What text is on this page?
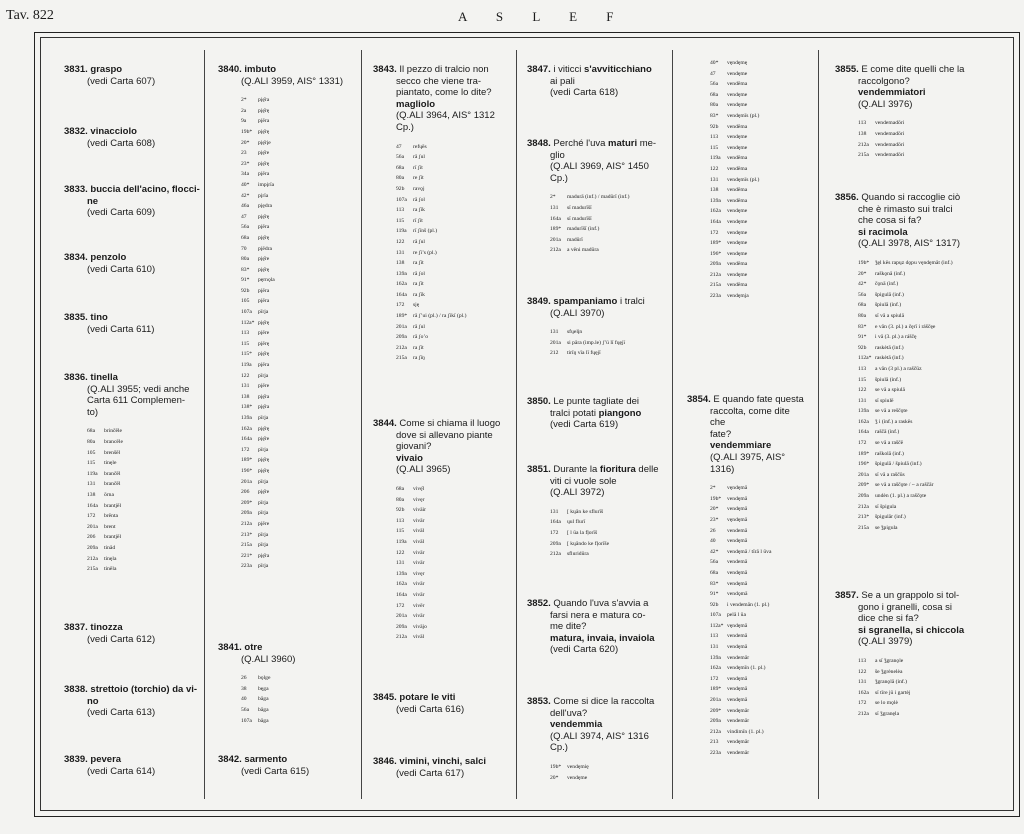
Tav. 822	A S L E F
3831. graspo
(vedi Carta 607)
3832. vinacciolo
(vedi Carta 608)
3833. buccia dell'acino, flocci-
ne
(vedi Carta 609)
3834. penzolo
(vedi Carta 610)
3835. tino
(vedi Carta 611)
3836. tinella
(Q.ALI 3955; vedi anche
Carta 611 Complemen-
to)
68a	brinčēle
80a	brancēle
105	brenšēl
115	tinęle
119a	brančēl
131	brančēl
138	ōrna
164a	brantjēl
172	brēnta
201a	brent
206	brantjēl
209a	tinād
212a	tinęla
215a	tinēla
3837. tinozza
(vedi Carta 612)
3838. strettoio (torchio) da vi-
no
(vedi Carta 613)
3839. pevera
(vedi Carta 614)
3840. imbuto
(Q.ALI 3959, AIS° 1331)
2*	pįę̄ra
2a	pįę̄rę
9a	pįēra
19b*	pįę̄rę
20*	pįę̄rįe
23	pįę̄re
23*	pįę̄rę
34a	pįēra
40*	impįrïa
42*	pįrïa
46a	pįędra
47	pįę̄rę
56a	pįēra
68a	pįę̄rę
70	pįēdra
80a	pįę̄re
83*	pįę̄rę
91*	pęrnǫla
92b	pįēra
105	pįēra
107a	pīrja
112a* pįę̄rę
113	pįēre
115	pįērę
115*	pįę̄rę
119a	pįēra
122	pīrja
131	pįēre
138	pįę̄ra
138*	pįę̄ra
139a	pīrja
162a	pįę̄rę
164a	pįę̄re
172	pīrja
189*	pįę̄rę
196*	pįę̄rę
201a	pīrja
206	pįę̄re
209*	pīrja
209a	pīrja
212a	pįēre
213*	pīrja
215a	pīrja
221*	pįę̄ra
223a	pīrja
3841. otre
(Q.ALI 3960)
26	bǫlge
38	bęga
40	bāga
56a	bāga
107a	bāga
3842. sarmento
(vedi Carta 615)
3843. Il pezzo di tralcio non
secco che viene tra-
piantato, come lo dite?
magliolo
(Q.ALI 3964, AIS° 1312
Cp.)
47	refųēs
56a	rā ʃul
68a	rī ʃīt
80a	re ʃīt
92b	ravǫj
107a	rā ʃol
113	ra ʃīk
115	rī ʃīt
119a	rī ʃīnš (pl.)
122	rā ʃul
131	re ʃï’s (pl.)
138	ra ʃīt
139a	rā ʃol
162a	ra ʃīt
164a	ra ʃīk
172	sję
189*	rā ʃ’ui (pl.) / ra ʃïkï (pl.)
201a	rā ʃul
209a	rā ʃo’o
212a	ra ʃīt
215a	ra ʃīŋ
3844. Come si chiama il luogo
dove si allevano piante
giovani?
vivaio
(Q.ALI 3965)
68a	vivę̄l
80a	vivęr
92b	vivāir
113	vivār
115	vivāl
119a	vivāl
122	vivār
131	vivār
139a	vivęr
162a	vivār
164a	vivār
172	vivēr
201a	vivār
209a	vivājo
212a	vivāl
3845. potare le viti
(vedi Carta 616)
3846. vimini, vinchi, salci
(vedi Carta 617)
3847. i viticci s'avviticchiano
ai pali
(vedi Carta 618)
3848. Perché l'uva maturi me-
glio
(Q.ALI 3969, AIS° 1450
Cp.)
2*	madurā (inf.) / madūrī (inf.)
131	sï madurīšī
164a	sï madurīšī
189*	madurīšī (inf.)
201a	madūrī
212a	a vēni madūra
3849. spampaniamo i tralci
(Q.ALI 3970)
131	sfųelįn
201a	si pāra (imp.le) ʃ’ü lī fųęjī
212	tirīŋ vīa lī fųęjī
3850. Le punte tagliate dei
tralci potati piangono
(vedi Carta 619)
3851. Durante la fioritura delle
viti ci vuole sole
(Q.ALI 3972)
131	[ kųān ke sflurīš
164a	ųul flurī
172	[ l ūa la fļorīš
209a	[ kųāndo ke fļorīše
212a	sfluridūra
3852. Quando l'uva s'avvia a
farsi nera e matura co-
me dite?
matura, invaia, invaiola
(vedi Carta 620)
3853. Come si dice la raccolta
dell'uva?
vendemmia
(Q.ALI 3974, AIS° 1316
Cp.)
19b*	vendęmię
20*	vendęme
40*	vęndęmę
47	vendęme
56a	vendēma
68a	vendęme
80a	vendęme
83*	vendęmïs (pl.)
92b	vendēma
113	vendęme
115	vendęme
119a	vendēma
122	vendēma
131	vendęmïs (pl.)
138	vendēma
139a	vendēma
162a	vendęme
164a	vendęme
172	vendęme
189*	vendęme
196*	vendęme
209a	vendēma
212a	vendęme
215a	vendēma
223a	vendęmja
3854. E quando fate questa
raccolta, come dite che
fate?
vendemmiare
(Q.ALI 3975, AIS° 1316)
2*	vęndęmā
19b*	vendęmā
20*	vendęmā
23*	vęndęmā
26	vendemā
40	vendęmā
42*	vendęmā / tīrā l ūva
56a	vendemā
68a	vendęmā
83*	vendęmā
91*	vendǫmā
92b	i vendemān (1. pl.)
107a	pelā l ūa
112a* vęndęmā
113	vendemā
131	vendęmā
139a	vendemār
162a	vendęmīn (1. pl.)
172	vendęmā
189*	vendęmā
201a	vendęmā
209*	vendęmār
209a	vendemār
212a	vindimīn (1. pl.)
213	vendęmār
223a	vendemār
3855. E come dite quelli che la
raccolgono?
vendemmiatori
(Q.ALI 3976)
113	vendemadōri
138	vendemadōri
212a	vendemadōri
215a	vendemadōri
3856. Quando si raccoglie ciò
che è rimasto sui tralci
che cosa si fa?
si racimola
(Q.ALI 3978, AIS° 1317)
19b*	ǯęl kës rapųz dǫpu vęndęmāt (inf.)
20*	raškǫnā (inf.)
42*	čǫnā (inf.)
56a	špigulā (inf.)
68a	špiulā (inf.)
80a	sï vā a spiulā
83*	e vān (3. pl.) a čęrī i ráščęe
91*	i vā (3. pl.) a ráščę
92b	raskėtā (inf.)
112a* raskėtā (inf.)
113	a vān (3 pl.) a raščūz
115	špiulā (inf.)
122	se vā a spiulā
131	sï spiulē
139a	se vā a reščǫte
162a	ǯ i (inf.) a raskës
164a	raščā (inf.)
172	se vā a raščē
189*	raškolā (inf.)
196*	špigulā / špiulā (inf.)
201a	sï vā a raščūs
209*	se vā a raščǫte / ~ a raščār
209a	undėn (1. pl.) a raščǫte
212a	sï špigula
213*	špigulār (inf.)
215a	se ǯpigula
3857. Se a un grappolo si tol-
gono i granelli, cosa si
dice che si fa?
si sgranella, si chiccola
(Q.ALI 3979)
113	a sï ǯgranǫle
122	še ǯgrėnelėa
131	ǯgranǫlā (inf.)
162a	sï tīre jū i gartėj
172	se lo mǫlė
212a	sï ǯgranęla
